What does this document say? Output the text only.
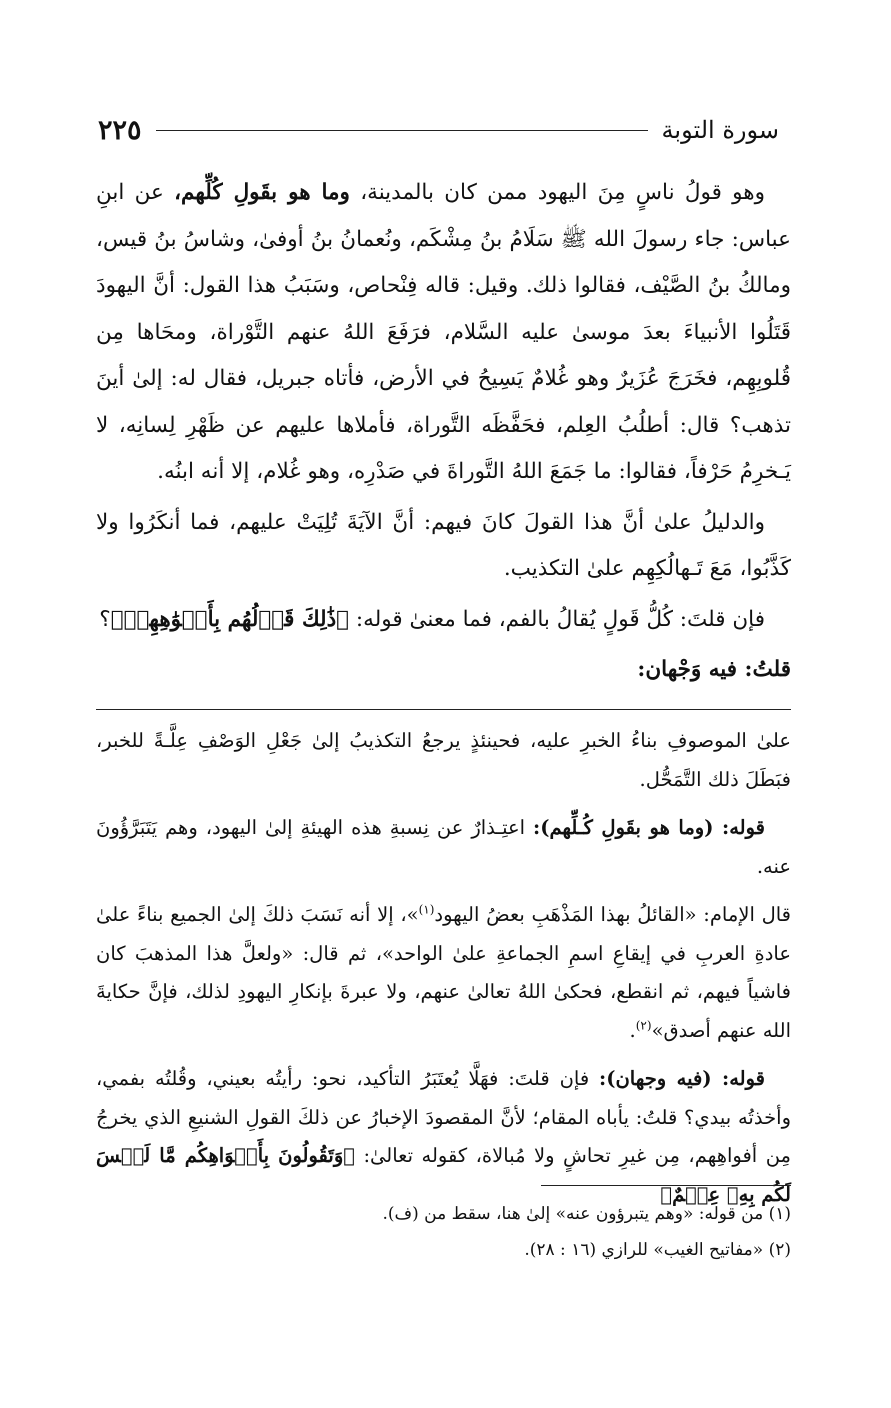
سورة التوبة
٢٢٥

وهو قولُ ناسٍ مِنَ اليهود ممن كان بالمدينة، وما هو بقَولِ كُلِّهم، عن ابنِ عباس: جاء رسولَ الله ﷺ سَلَامُ بنُ مِشْكَم، ونُعمانُ بنُ أوفىٰ، وشاسُ بنُ قيس، ومالكُ بنُ الصَّيْف، فقالوا ذلك. وقيل: قاله فِنْحاص، وسَبَبُ هذا القول: أنَّ اليهودَ قَتَلُوا الأنبياءَ بعدَ موسىٰ عليه السَّلام، فرَفَعَ اللهُ عنهم التَّوْراة، ومحَاها مِن قُلوبِهِم، فخَرَجَ عُزَيرٌ وهو غُلامٌ يَسِيحُ في الأرض، فأتاه جبريل، فقال له: إلىٰ أينَ تذهب؟ قال: أطلُبُ العِلم، فحَفَّظَه التَّوراة، فأملاها عليهم عن ظَهْرِ لِسانِه، لا يَـخرِمُ حَرْفاً، فقالوا: ما جَمَعَ اللهُ التَّوراةَ في صَدْرِه، وهو غُلام، إلا أنه ابنُه.

والدليلُ علىٰ أنَّ هذا القولَ كانَ فيهم: أنَّ الآيَةَ تُلِيَتْ عليهم، فما أنكَرُوا ولا كَذَّبُوا، مَعَ تَـهالُكِهِم علىٰ التكذيب.

فإن قلتَ: كُلُّ قَولٍ يُقالُ بالفم، فما معنىٰ قوله: ﴿ذَٰلِكَ قَوۡلُهُم بِأَفۡوَٰهِهِمۡ﴾؟

قلتُ: فيه وَجْهان:

علىٰ الموصوفِ بناءُ الخبرِ عليه، فحينئذٍ يرجعُ التكذيبُ إلىٰ جَعْلِ الوَصْفِ عِلَّـةً للخبر، فبَطَلَ ذلك التَّمَحُّل.

قوله: (وما هو بقَولِ كُـلِّهم): اعتِـذارٌ عن نِسبةِ هذه الهيئةِ إلىٰ اليهود، وهم يَتَبَرَّؤُونَ عنه.

قال الإمام: «القائلُ بهذا المَذْهَبِ بعضُ اليهود$^{(١)}$»، إلا أنه نَسَبَ ذلكَ إلىٰ الجميع بناءً علىٰ عادةِ العربِ في إيقاعِ اسمِ الجماعةِ علىٰ الواحد»، ثم قال: «ولعلَّ هذا المذهبَ كان فاشياً فيهم، ثم انقطع، فحكىٰ اللهُ تعالىٰ عنهم، ولا عبرةَ بإنكارِ اليهودِ لذلك، فإنَّ حكايةَ الله عنهم أصدق»$^{(٢)}$.

قوله: (فيه وجهان): فإن قلتَ: فهَلَّا يُعتَبَرُ التأكيد، نحو: رأيتُه بعيني، وقُلتُه بفمي، وأخذتُه بيدي؟ قلتُ: يأباه المقام؛ لأنَّ المقصودَ الإخبارُ عن ذلكَ القولِ الشنيعِ الذي يخرجُ مِن أفواهِهم، مِن غيرِ تحاشٍ ولا مُبالاة، كقوله تعالىٰ: ﴿وَتَقُولُونَ بِأَفۡوَاهِكُم مَّا لَيۡسَ لَكُم بِهِۦ عِلۡمٌ﴾

(١) من قوله: «وهم يتبرؤون عنه» إلىٰ هنا، سقط من (ف).
(٢) «مفاتيح الغيب» للرازي (١٦ : ٢٨).
